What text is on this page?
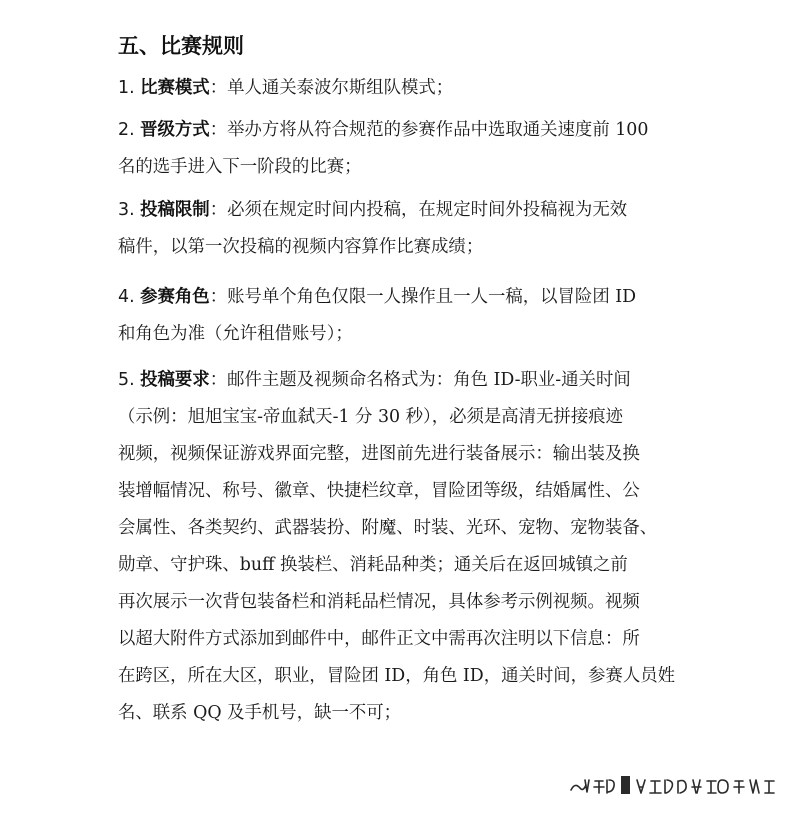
五、比赛规则
1. 比赛模式：单人通关泰波尔斯组队模式；
2. 晋级方式：举办方将从符合规范的参赛作品中选取通关速度前 100
名的选手进入下一阶段的比赛；
3. 投稿限制：必须在规定时间内投稿，在规定时间外投稿视为无效
稿件，以第一次投稿的视频内容算作比赛成绩；
4. 参赛角色：账号单个角色仅限一人操作且一人一稿，以冒险团 ID
和角色为准（允许租借账号）；
5. 投稿要求：邮件主题及视频命名格式为：角色 ID-职业-通关时间
（示例：旭旭宝宝-帝血弑天-1 分 30 秒），必须是高清无拼接痕迹
视频，视频保证游戏界面完整，进图前先进行装备展示：输出装及换
装增幅情况、称号、徽章、快捷栏纹章，冒险团等级，结婚属性、公
会属性、各类契约、武器装扮、附魔、时装、光环、宠物、宠物装备、
勋章、守护珠、buff 换装栏、消耗品种类；通关后在返回城镇之前
再次展示一次背包装备栏和消耗品栏情况，具体参考示例视频。视频
以超大附件方式添加到邮件中，邮件正文中需再次注明以下信息：所
在跨区，所在大区，职业，冒险团 ID，角色 ID，通关时间，参赛人员姓
名、联系 QQ 及手机号，缺一不可；
